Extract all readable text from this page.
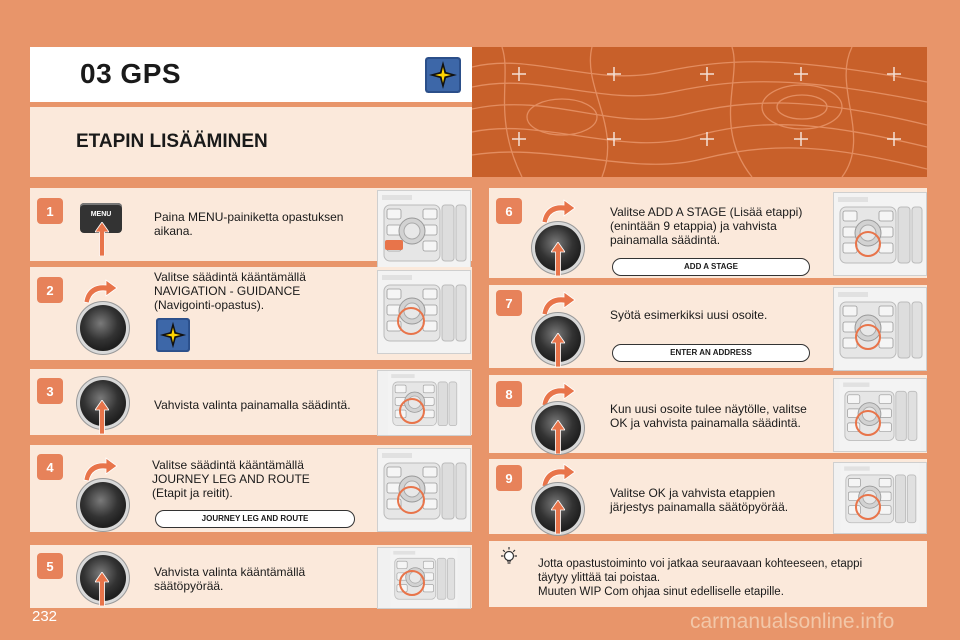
03 GPS
ETAPIN LISÄÄMINEN
1	MENU	Paina MENU-painiketta opastuksen
aikana.
2
Valitse säädintä kääntämällä
NAVIGATION - GUIDANCE
(Navigointi-opastus).
3
Vahvista valinta painamalla säädintä.
4	Valitse säädintä kääntämällä
JOURNEY LEG AND ROUTE
(Etapit ja reitit).
JOURNEY LEG AND ROUTE
5	Vahvista valinta kääntämällä
säätöpyörää.
6	Valitse ADD A STAGE (Lisää etappi)
(enintään 9 etappia) ja vahvista
painamalla säädintä.
ADD A STAGE
7
Syötä esimerkiksi uusi osoite.
ENTER AN ADDRESS
8
Kun uusi osoite tulee näytölle, valitse
OK ja vahvista painamalla säädintä.
9
Valitse OK ja vahvista etappien
järjestys painamalla säätöpyörää.
Jotta opastustoiminto voi jatkaa seuraavaan kohteeseen, etappi
täytyy ylittää tai poistaa.
Muuten WIP Com ohjaa sinut edelliselle etapille.
232	carmanualsonline.info
